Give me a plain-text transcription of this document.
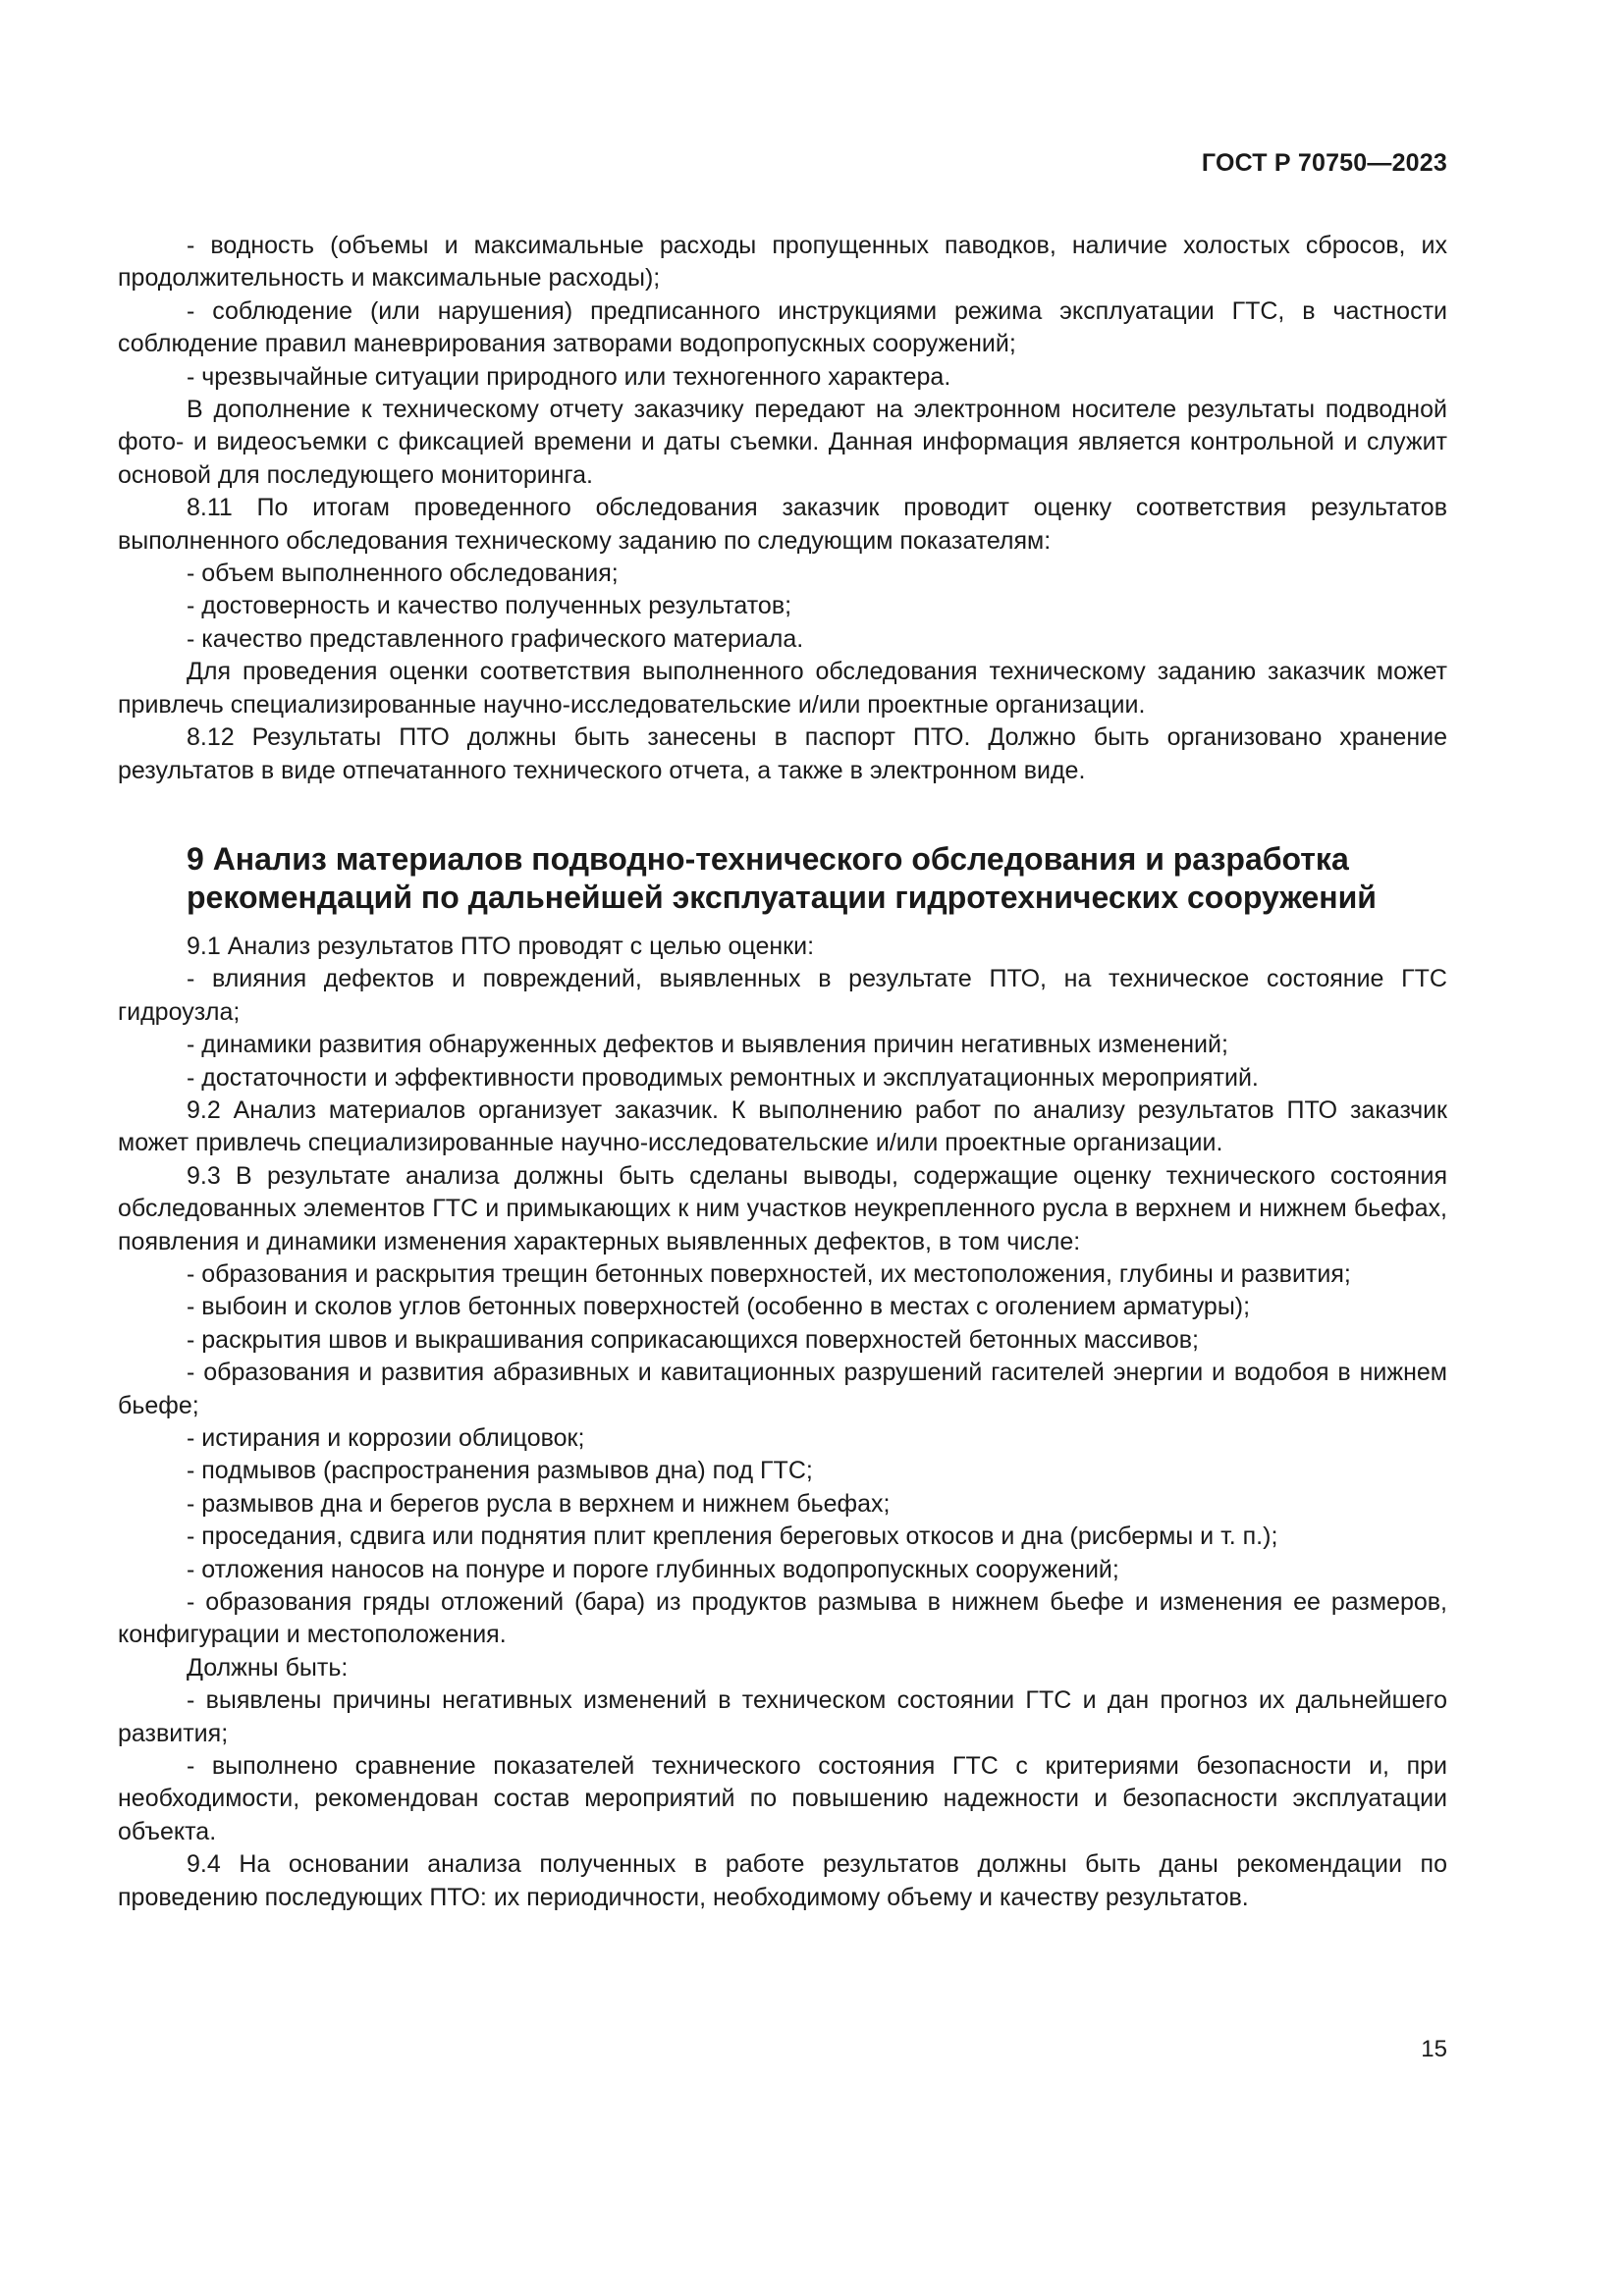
ГОСТ Р 70750—2023

- водность (объемы и максимальные расходы пропущенных паводков, наличие холостых сбросов, их продолжительность и максимальные расходы);

- соблюдение (или нарушения) предписанного инструкциями режима эксплуатации ГТС, в частности соблюдение правил маневрирования затворами водопропускных сооружений;

- чрезвычайные ситуации природного или техногенного характера.

В дополнение к техническому отчету заказчику передают на электронном носителе результаты подводной фото- и видеосъемки с фиксацией времени и даты съемки. Данная информация является контрольной и служит основой для последующего мониторинга.

8.11 По итогам проведенного обследования заказчик проводит оценку соответствия результатов выполненного обследования техническому заданию по следующим показателям:

- объем выполненного обследования;

- достоверность и качество полученных результатов;

- качество представленного графического материала.

Для проведения оценки соответствия выполненного обследования техническому заданию заказчик может привлечь специализированные научно-исследовательские и/или проектные организации.

8.12 Результаты ПТО должны быть занесены в паспорт ПТО. Должно быть организовано хранение результатов в виде отпечатанного технического отчета, а также в электронном виде.

9 Анализ материалов подводно-технического обследования и разработка рекомендаций по дальнейшей эксплуатации гидротехнических сооружений

9.1 Анализ результатов ПТО проводят с целью оценки:

- влияния дефектов и повреждений, выявленных в результате ПТО, на техническое состояние ГТС гидроузла;

- динамики развития обнаруженных дефектов и выявления причин негативных изменений;

- достаточности и эффективности проводимых ремонтных и эксплуатационных мероприятий.

9.2 Анализ материалов организует заказчик. К выполнению работ по анализу результатов ПТО заказчик может привлечь специализированные научно-исследовательские и/или проектные организации.

9.3 В результате анализа должны быть сделаны выводы, содержащие оценку технического состояния обследованных элементов ГТС и примыкающих к ним участков неукрепленного русла в верхнем и нижнем бьефах, появления и динамики изменения характерных выявленных дефектов, в том числе:

- образования и раскрытия трещин бетонных поверхностей, их местоположения, глубины и развития;

- выбоин и сколов углов бетонных поверхностей (особенно в местах с оголением арматуры);

- раскрытия швов и выкрашивания соприкасающихся поверхностей бетонных массивов;

- образования и развития абразивных и кавитационных разрушений гасителей энергии и водобоя в нижнем бьефе;

- истирания и коррозии облицовок;

- подмывов (распространения размывов дна) под ГТС;

- размывов дна и берегов русла в верхнем и нижнем бьефах;

- проседания, сдвига или поднятия плит крепления береговых откосов и дна (рисбермы и т. п.);

- отложения наносов на понуре и пороге глубинных водопропускных сооружений;

- образования гряды отложений (бара) из продуктов размыва в нижнем бьефе и изменения ее размеров, конфигурации и местоположения.

Должны быть:

- выявлены причины негативных изменений в техническом состоянии ГТС и дан прогноз их дальнейшего развития;

- выполнено сравнение показателей технического состояния ГТС с критериями безопасности и, при необходимости, рекомендован состав мероприятий по повышению надежности и безопасности эксплуатации объекта.

9.4 На основании анализа полученных в работе результатов должны быть даны рекомендации по проведению последующих ПТО: их периодичности, необходимому объему и качеству результатов.

15
